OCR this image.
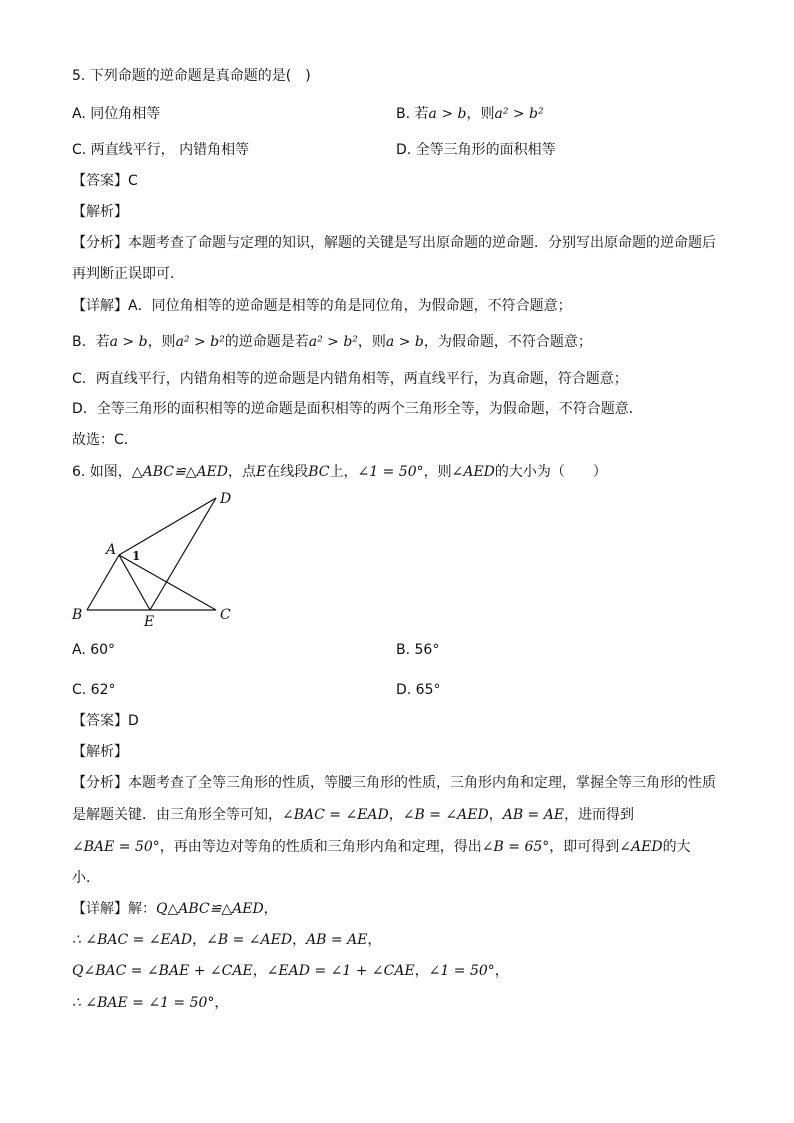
5. 下列命题的逆命题是真命题的是(　)
A. 同位角相等	B. 若a > b，则a² > b²
C. 两直线平行， 内错角相等	D. 全等三角形的面积相等
【答案】C
【解析】
【分析】本题考查了命题与定理的知识，解题的关键是写出原命题的逆命题．分别写出原命题的逆命题后
再判断正误即可．
【详解】A．同位角相等的逆命题是相等的角是同位角，为假命题，不符合题意；
B．若a > b，则a² > b²的逆命题是若a² > b²，则a > b，为假命题，不符合题意；
C．两直线平行，内错角相等的逆命题是内错角相等，两直线平行，为真命题，符合题意；
D．全等三角形的面积相等的逆命题是面积相等的两个三角形全等，为假命题，不符合题意．
故选：C．
6. 如图，△ABC≌△AED，点E在线段BC上，∠1 = 50°，则∠AED的大小为（　　）
D
A 1
B	E	C
A. 60°	B. 56°
C. 62°	D. 65°
【答案】D
【解析】
【分析】本题考查了全等三角形的性质，等腰三角形的性质，三角形内角和定理，掌握全等三角形的性质
是解题关键．由三角形全等可知，∠BAC = ∠EAD，∠B = ∠AED，AB = AE，进而得到
∠BAE = 50°，再由等边对等角的性质和三角形内角和定理，得出∠B = 65°，即可得到∠AED的大
小．
【详解】解：Q△ABC≌△AED，
∴ ∠BAC = ∠EAD，∠B = ∠AED，AB = AE，
Q∠BAC = ∠BAE + ∠CAE，∠EAD = ∠1 + ∠CAE，∠1 = 50°，
∴ ∠BAE = ∠1 = 50°，
